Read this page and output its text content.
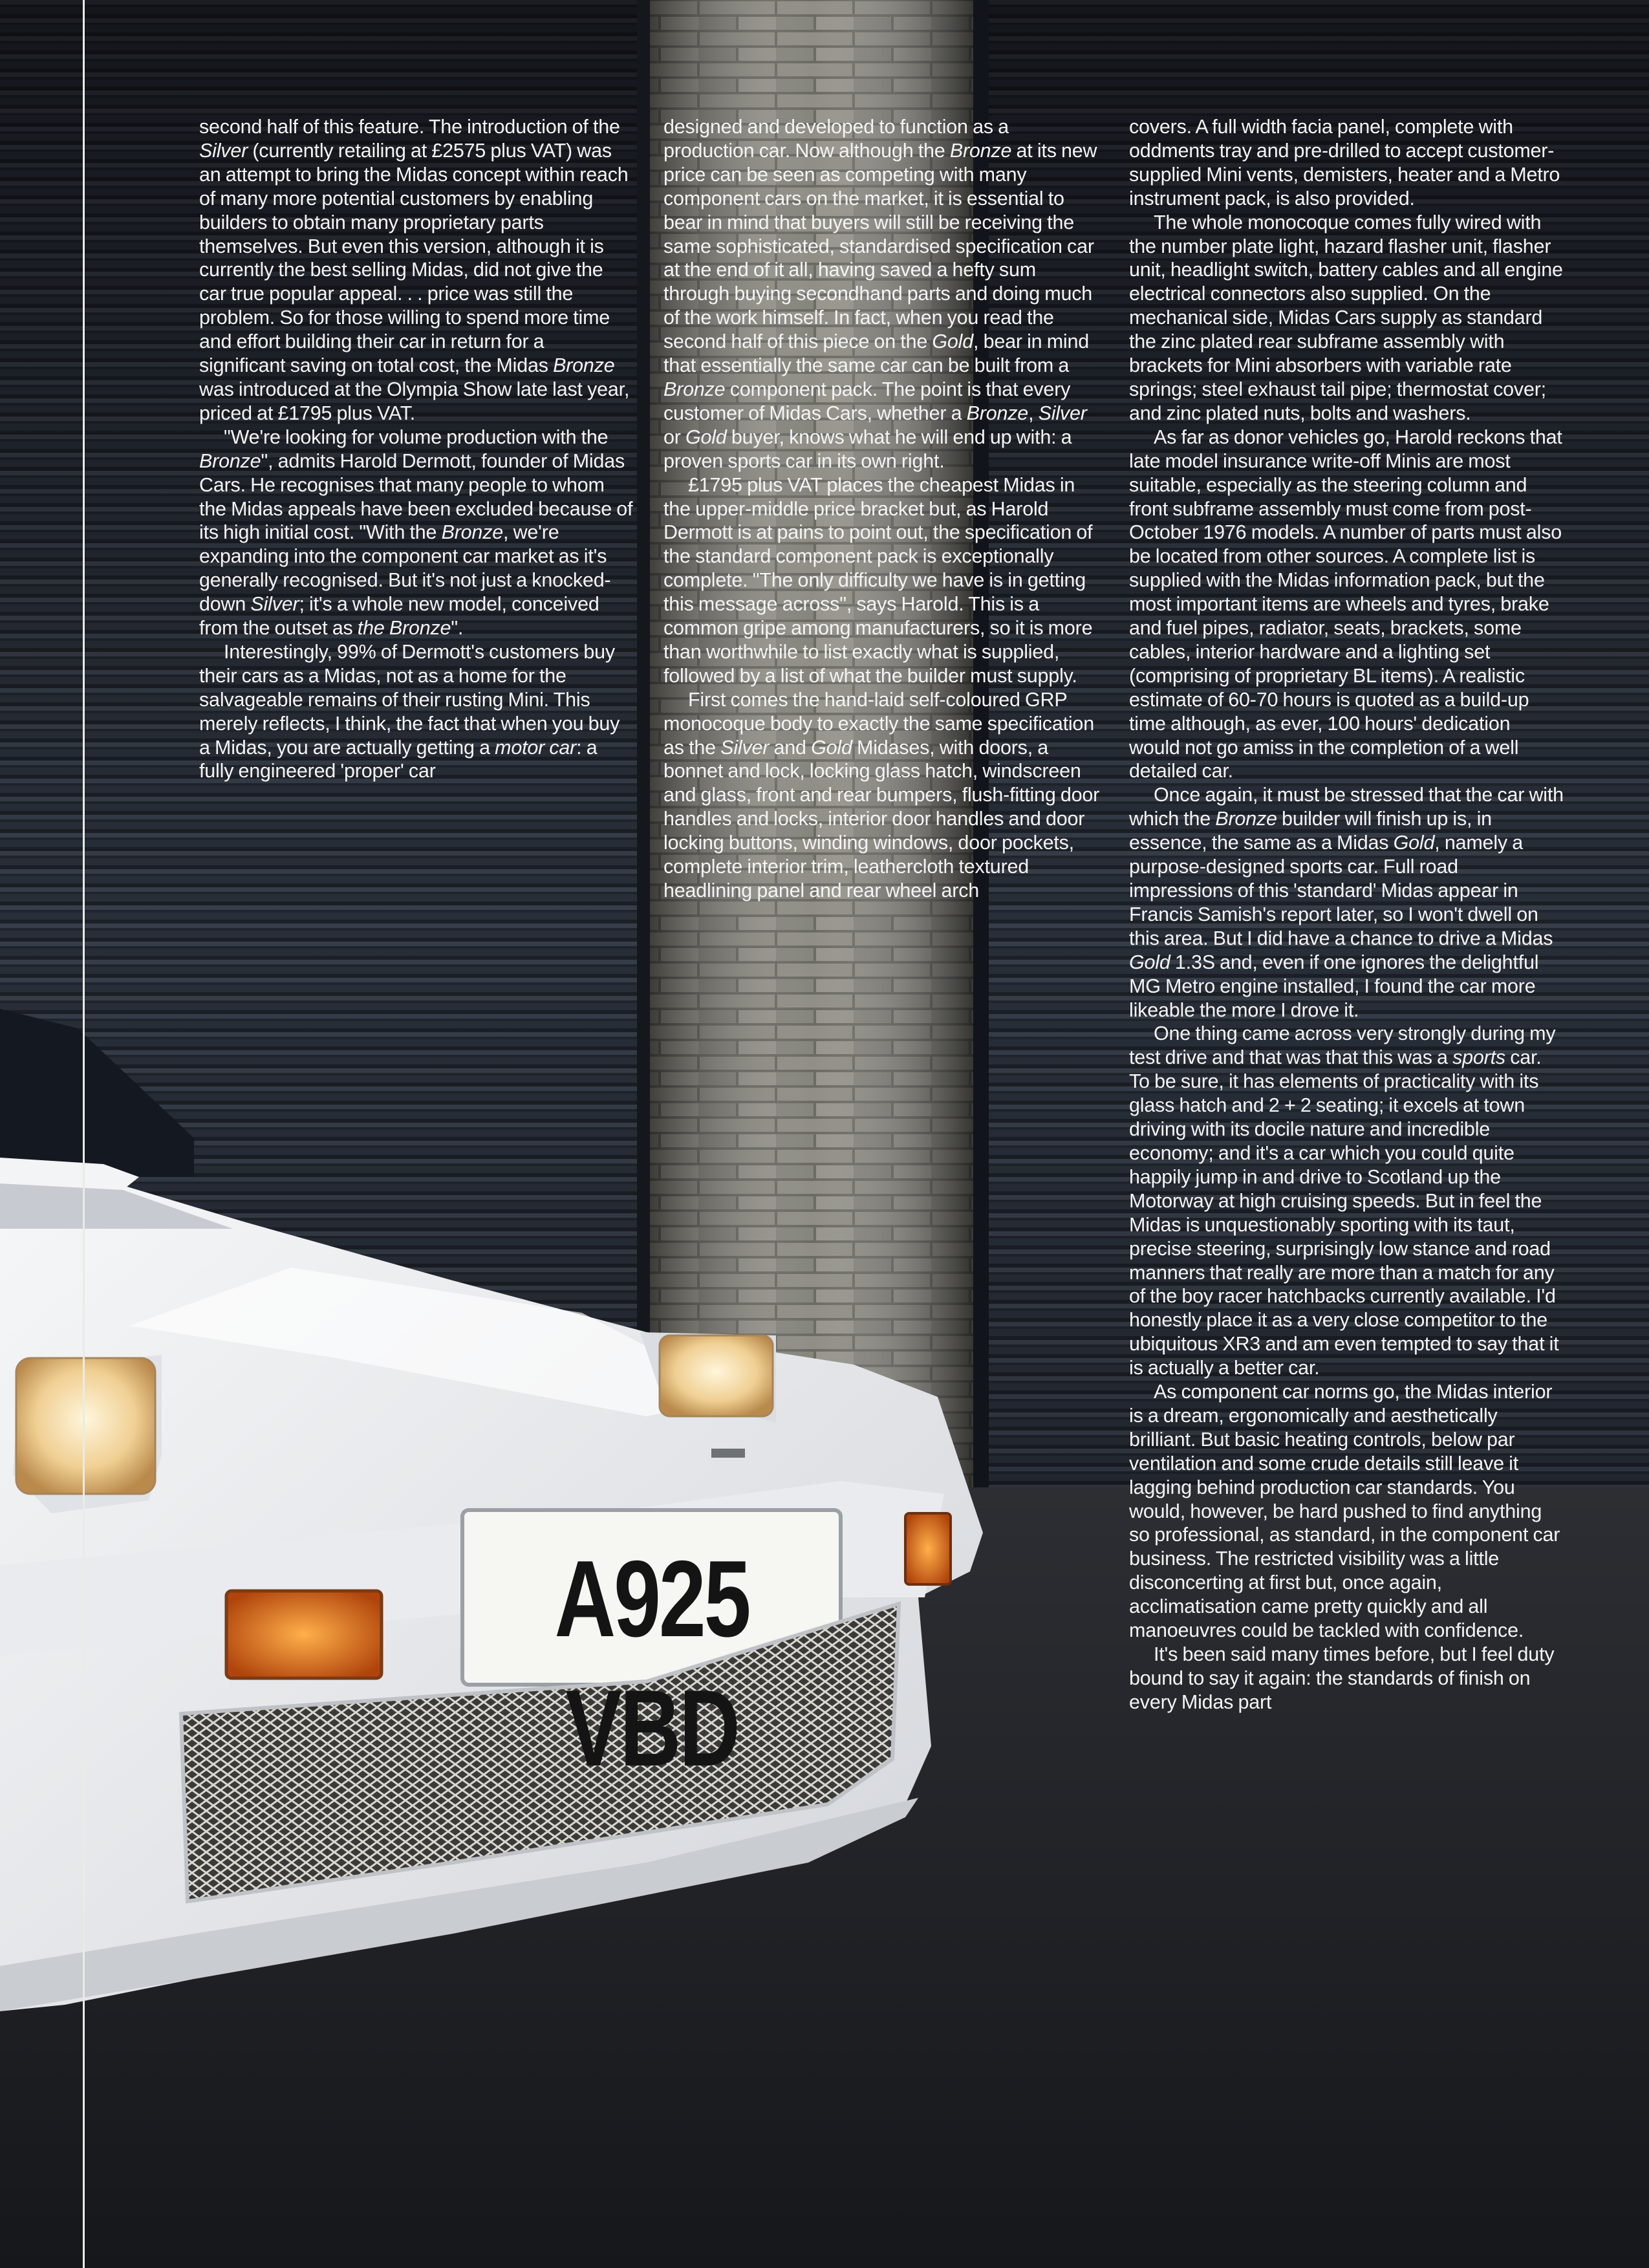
A925 VBD

second half of this feature. The introduction of the Silver (currently retailing at £2575 plus VAT) was an attempt to bring the Midas concept within reach of many more potential customers by enabling builders to obtain many proprietary parts themselves. But even this version, although it is currently the best selling Midas, did not give the car true popular appeal. . . price was still the problem. So for those willing to spend more time and effort building their car in return for a significant saving on total cost, the Midas Bronze was introduced at the Olympia Show late last year, priced at £1795 plus VAT.

"We're looking for volume production with the Bronze", admits Harold Dermott, founder of Midas Cars. He recognises that many people to whom the Midas appeals have been excluded because of its high initial cost. "With the Bronze, we're expanding into the component car market as it's generally recognised. But it's not just a knocked-down Silver; it's a whole new model, conceived from the outset as the Bronze".

Interestingly, 99% of Dermott's customers buy their cars as a Midas, not as a home for the salvageable remains of their rusting Mini. This merely reflects, I think, the fact that when you buy a Midas, you are actually getting a motor car: a fully engineered 'proper' car

designed and developed to function as a production car. Now although the Bronze at its new price can be seen as competing with many component cars on the market, it is essential to bear in mind that buyers will still be receiving the same sophisticated, standardised specification car at the end of it all, having saved a hefty sum through buying secondhand parts and doing much of the work himself. In fact, when you read the second half of this piece on the Gold, bear in mind that essentially the same car can be built from a Bronze component pack. The point is that every customer of Midas Cars, whether a Bronze, Silver or Gold buyer, knows what he will end up with: a proven sports car in its own right.

£1795 plus VAT places the cheapest Midas in the upper-middle price bracket but, as Harold Dermott is at pains to point out, the specification of the standard component pack is exceptionally complete. "The only difficulty we have is in getting this message across", says Harold. This is a common gripe among manufacturers, so it is more than worthwhile to list exactly what is supplied, followed by a list of what the builder must supply.

First comes the hand-laid self-coloured GRP monocoque body to exactly the same specification as the Silver and Gold Midases, with doors, a bonnet and lock, locking glass hatch, windscreen and glass, front and rear bumpers, flush-fitting door handles and locks, interior door handles and door locking buttons, winding windows, door pockets, complete interior trim, leathercloth textured headlining panel and rear wheel arch

covers. A full width facia panel, complete with oddments tray and pre-drilled to accept customer-supplied Mini vents, demisters, heater and a Metro instrument pack, is also provided.

The whole monocoque comes fully wired with the number plate light, hazard flasher unit, flasher unit, headlight switch, battery cables and all engine electrical connectors also supplied. On the mechanical side, Midas Cars supply as standard the zinc plated rear subframe assembly with brackets for Mini absorbers with variable rate springs; steel exhaust tail pipe; thermostat cover; and zinc plated nuts, bolts and washers.

As far as donor vehicles go, Harold reckons that late model insurance write-off Minis are most suitable, especially as the steering column and front subframe assembly must come from post-October 1976 models. A number of parts must also be located from other sources. A complete list is supplied with the Midas information pack, but the most important items are wheels and tyres, brake and fuel pipes, radiator, seats, brackets, some cables, interior hardware and a lighting set (comprising of proprietary BL items). A realistic estimate of 60-70 hours is quoted as a build-up time although, as ever, 100 hours' dedication would not go amiss in the completion of a well detailed car.

Once again, it must be stressed that the car with which the Bronze builder will finish up is, in essence, the same as a Midas Gold, namely a purpose-designed sports car. Full road impressions of this 'standard' Midas appear in Francis Samish's report later, so I won't dwell on this area. But I did have a chance to drive a Midas Gold 1.3S and, even if one ignores the delightful MG Metro engine installed, I found the car more likeable the more I drove it.

One thing came across very strongly during my test drive and that was that this was a sports car. To be sure, it has elements of practicality with its glass hatch and 2 + 2 seating; it excels at town driving with its docile nature and incredible economy; and it's a car which you could quite happily jump in and drive to Scotland up the Motorway at high cruising speeds. But in feel the Midas is unquestionably sporting with its taut, precise steering, surprisingly low stance and road manners that really are more than a match for any of the boy racer hatchbacks currently available. I'd honestly place it as a very close competitor to the ubiquitous XR3 and am even tempted to say that it is actually a better car.

As component car norms go, the Midas interior is a dream, ergonomically and aesthetically brilliant. But basic heating controls, below par ventilation and some crude details still leave it lagging behind production car standards. You would, however, be hard pushed to find anything so professional, as standard, in the component car business. The restricted visibility was a little disconcerting at first but, once again, acclimatisation came pretty quickly and all manoeuvres could be tackled with confidence.

It's been said many times before, but I feel duty bound to say it again: the standards of finish on every Midas part
